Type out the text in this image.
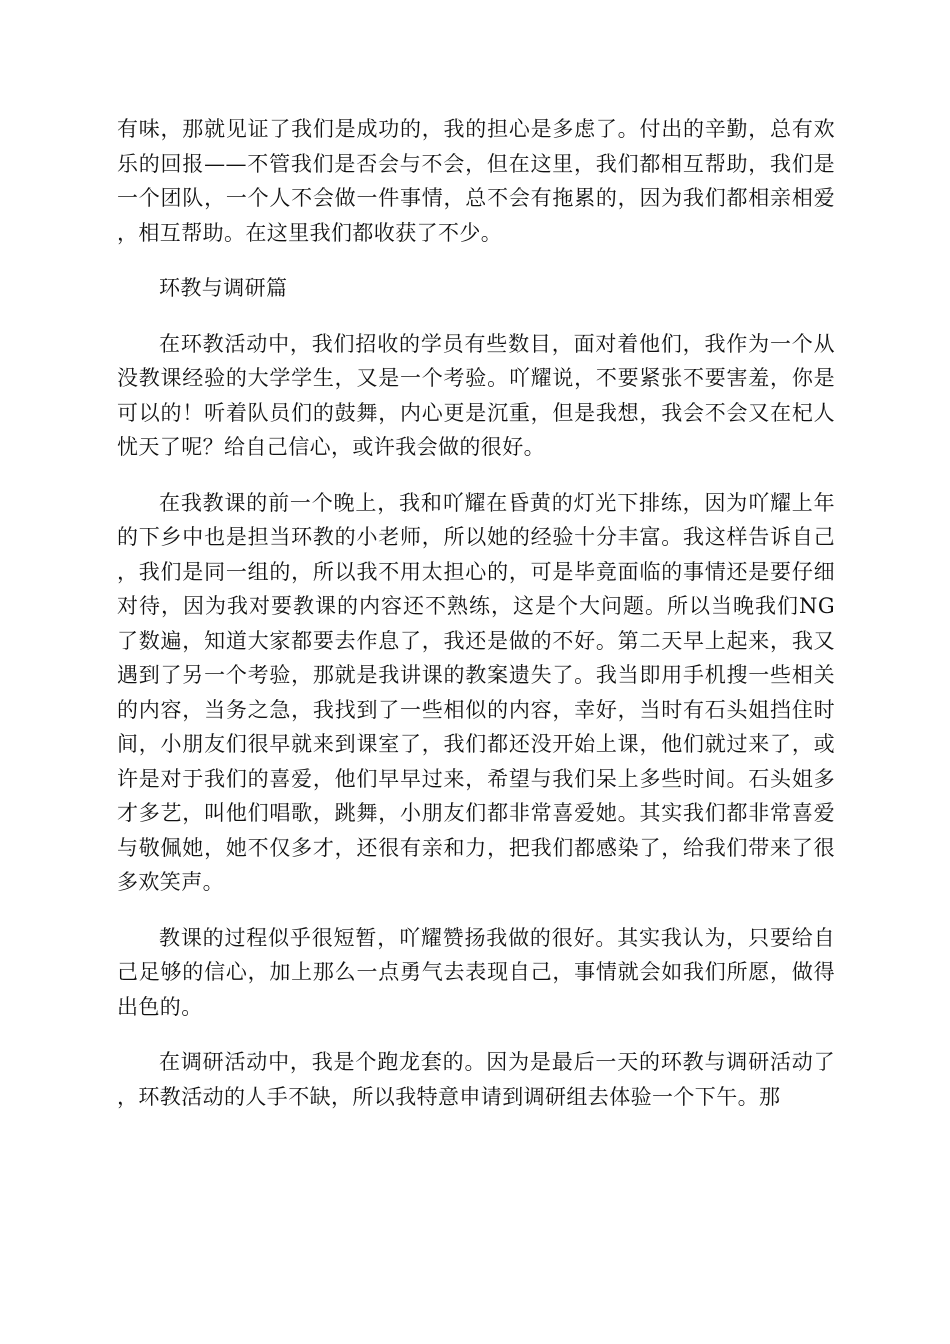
有味，那就见证了我们是成功的，我的担心是多虑了。付出的辛勤，总有欢乐的回报——不管我们是否会与不会，但在这里，我们都相互帮助，我们是一个团队，一个人不会做一件事情，总不会有拖累的，因为我们都相亲相爱，相互帮助。在这里我们都收获了不少。

环教与调研篇

在环教活动中，我们招收的学员有些数目，面对着他们，我作为一个从没教课经验的大学学生，又是一个考验。吖耀说，不要紧张不要害羞，你是可以的！听着队员们的鼓舞，内心更是沉重，但是我想，我会不会又在杞人忧天了呢？给自己信心，或许我会做的很好。

在我教课的前一个晚上，我和吖耀在昏黄的灯光下排练，因为吖耀上年的下乡中也是担当环教的小老师，所以她的经验十分丰富。我这样告诉自己，我们是同一组的，所以我不用太担心的，可是毕竟面临的事情还是要仔细对待，因为我对要教课的内容还不熟练，这是个大问题。所以当晚我们NG了数遍，知道大家都要去作息了，我还是做的不好。第二天早上起来，我又遇到了另一个考验，那就是我讲课的教案遗失了。我当即用手机搜一些相关的内容，当务之急，我找到了一些相似的内容，幸好，当时有石头姐挡住时间，小朋友们很早就来到课室了，我们都还没开始上课，他们就过来了，或许是对于我们的喜爱，他们早早过来，希望与我们呆上多些时间。石头姐多才多艺，叫他们唱歌，跳舞，小朋友们都非常喜爱她。其实我们都非常喜爱与敬佩她，她不仅多才，还很有亲和力，把我们都感染了，给我们带来了很多欢笑声。

教课的过程似乎很短暂，吖耀赞扬我做的很好。其实我认为，只要给自己足够的信心，加上那么一点勇气去表现自己，事情就会如我们所愿，做得出色的。

在调研活动中，我是个跑龙套的。因为是最后一天的环教与调研活动了，环教活动的人手不缺，所以我特意申请到调研组去体验一个下午。那
